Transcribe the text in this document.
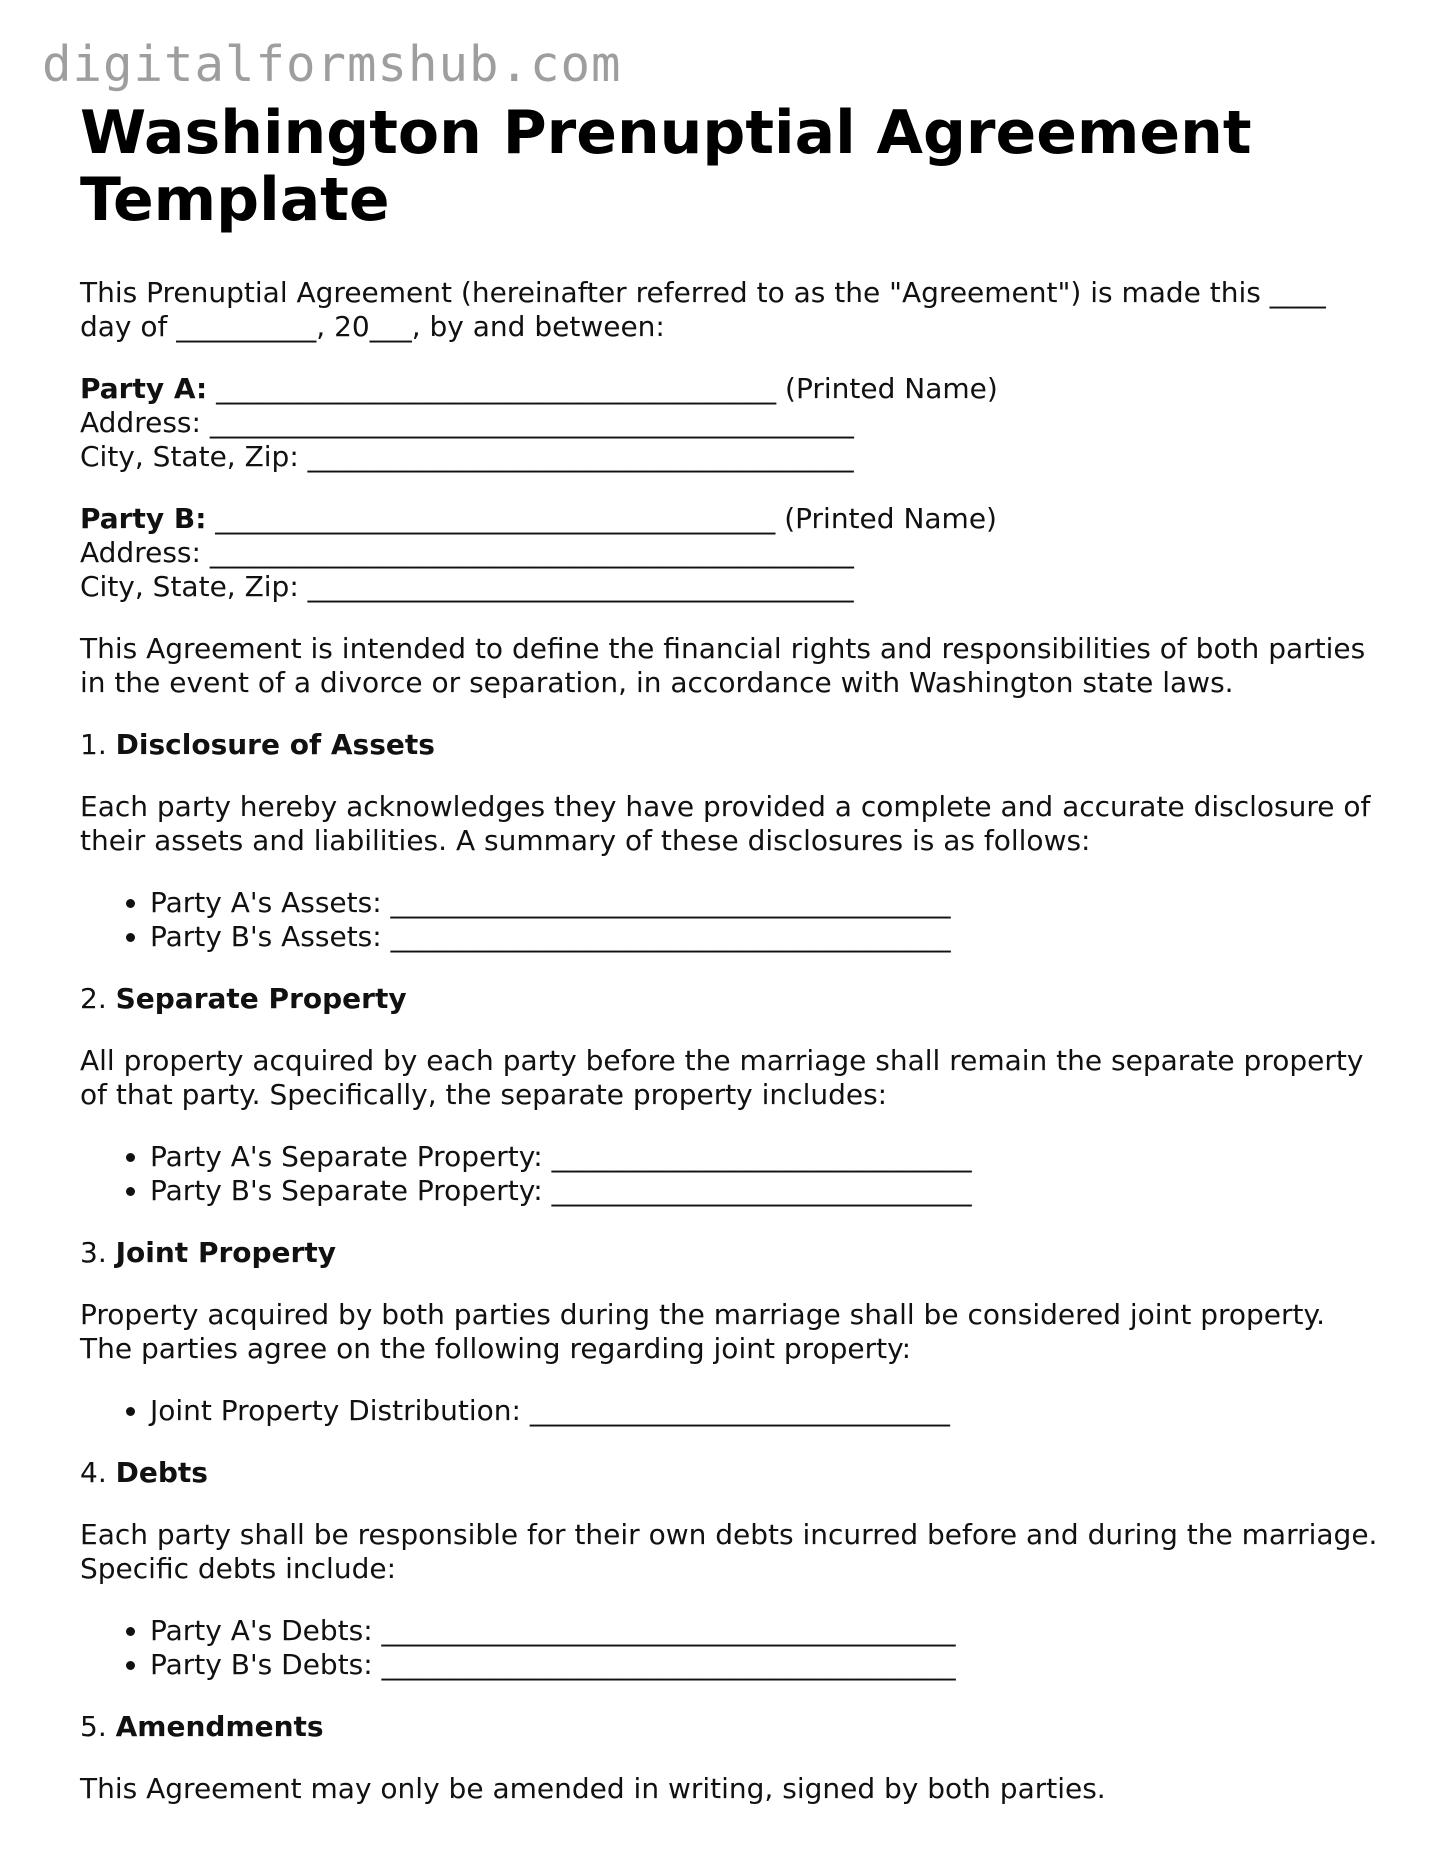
digitalformshub.com
Washington Prenuptial Agreement Template

This Prenuptial Agreement (hereinafter referred to as the "Agreement") is made this ____ day of __________, 20___, by and between:

Party A: ________________________________________ (Printed Name)
Address: ______________________________________________
City, State, Zip: _______________________________________
Party B: ________________________________________ (Printed Name)
Address: ______________________________________________
City, State, Zip: _______________________________________

This Agreement is intended to define the financial rights and responsibilities of both parties in the event of a divorce or separation, in accordance with Washington state laws.

1. Disclosure of Assets

Each party hereby acknowledges they have provided a complete and accurate disclosure of their assets and liabilities. A summary of these disclosures is as follows:

• Party A's Assets: ________________________________________
• Party B's Assets: ________________________________________

2. Separate Property

All property acquired by each party before the marriage shall remain the separate property of that party. Specifically, the separate property includes:

• Party A's Separate Property: ______________________________
• Party B's Separate Property: ______________________________

3. Joint Property

Property acquired by both parties during the marriage shall be considered joint property. The parties agree on the following regarding joint property:

• Joint Property Distribution: ______________________________

4. Debts

Each party shall be responsible for their own debts incurred before and during the marriage. Specific debts include:

• Party A's Debts: _________________________________________
• Party B's Debts: _________________________________________

5. Amendments

This Agreement may only be amended in writing, signed by both parties.
